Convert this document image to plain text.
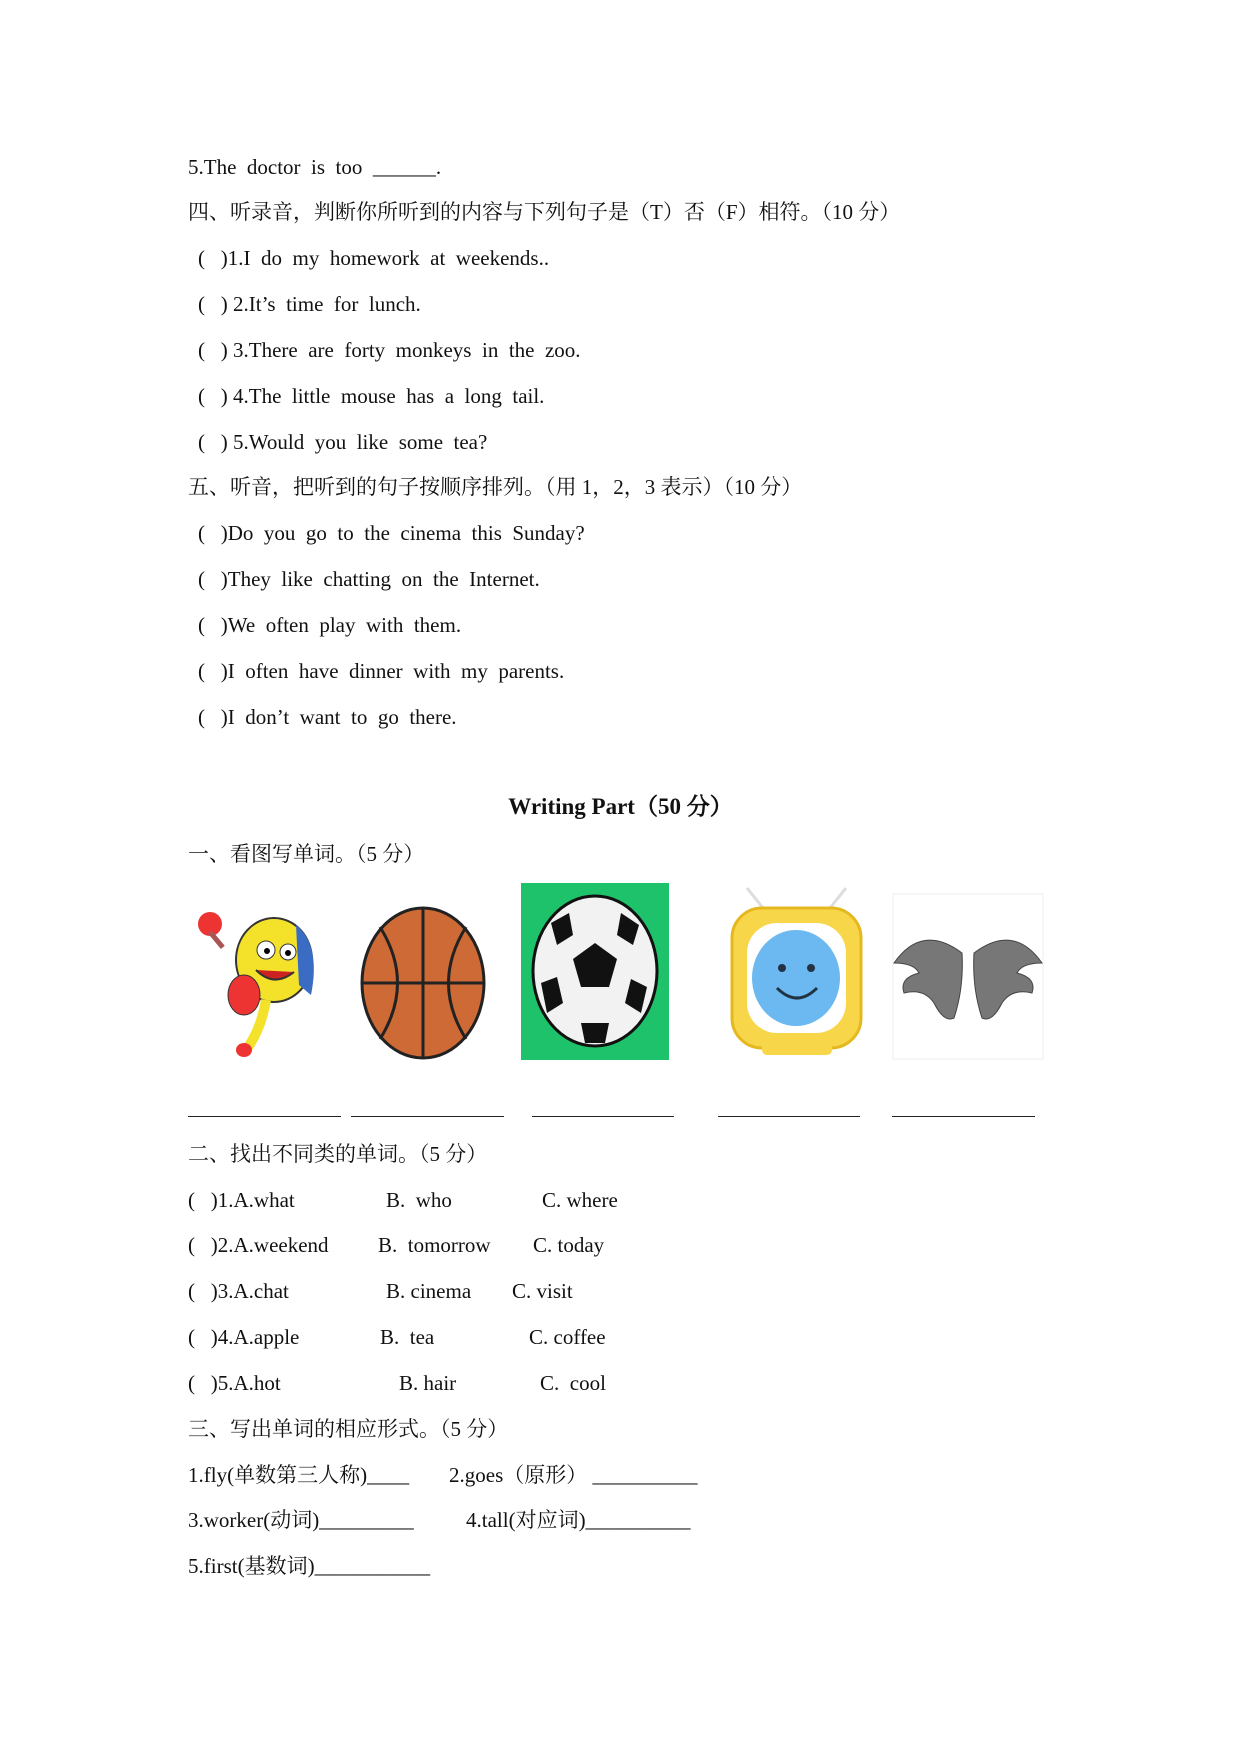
5.The  doctor  is  too  ______.
四、听录音，判断你所听到的内容与下列句子是（T）否（F）相符。（10 分）
(   )1.I  do  my  homework  at  weekends..
(   ) 2.It’s  time  for  lunch.
(   ) 3.There  are  forty  monkeys  in  the  zoo.
(   ) 4.The  little  mouse  has  a  long  tail.
(   ) 5.Would  you  like  some  tea?
五、听音，把听到的句子按顺序排列。（用 1，2，3 表示）（10 分）
(   )Do  you  go  to  the  cinema  this  Sunday?
(   )They  like  chatting  on  the  Internet.
(   )We  often  play  with  them.
(   )I  often  have  dinner  with  my  parents.
(   )I  don’t  want  to  go  there.
Writing Part（50 分）
一、看图写单词。（5 分）
二、找出不同类的单词。（5 分）
(   )1.A.what	B.  who	C. where
(   )2.A.weekend B.  tomorrow C. today
(   )3.A.chat	B. cinema C. visit
(   )4.A.apple	B.  tea	C. coffee
(   )5.A.hot	B. hair	C.  cool
三、写出单词的相应形式。（5 分）
1.fly(单数第三人称)____ 2.goes（原形） __________
3.worker(动词)_________ 4.tall(对应词)__________
5.first(基数词)___________
